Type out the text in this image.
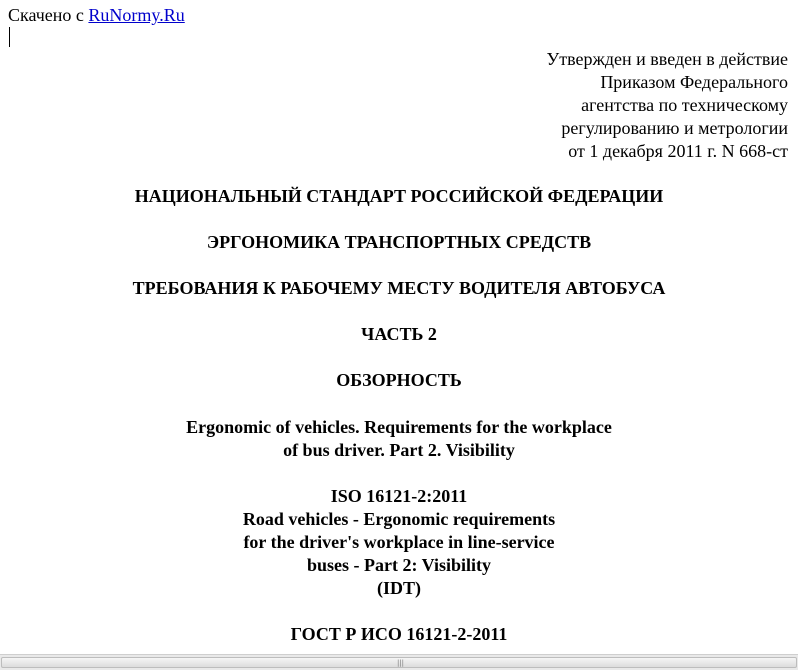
Скачено с RuNormy.Ru
Утвержден и введен в действие
Приказом Федерального
агентства по техническому
регулированию и метрологии
от 1 декабря 2011 г. N 668-ст
НАЦИОНАЛЬНЫЙ СТАНДАРТ РОССИЙСКОЙ ФЕДЕРАЦИИ
ЭРГОНОМИКА ТРАНСПОРТНЫХ СРЕДСТВ
ТРЕБОВАНИЯ К РАБОЧЕМУ МЕСТУ ВОДИТЕЛЯ АВТОБУСА
ЧАСТЬ 2
ОБЗОРНОСТЬ
Ergonomic of vehicles. Requirements for the workplace
of bus driver. Part 2. Visibility
ISO 16121-2:2011
Road vehicles - Ergonomic requirements
for the driver's workplace in line-service
buses - Part 2: Visibility
(IDT)
ГОСТ Р ИСО 16121-2-2011
|||
